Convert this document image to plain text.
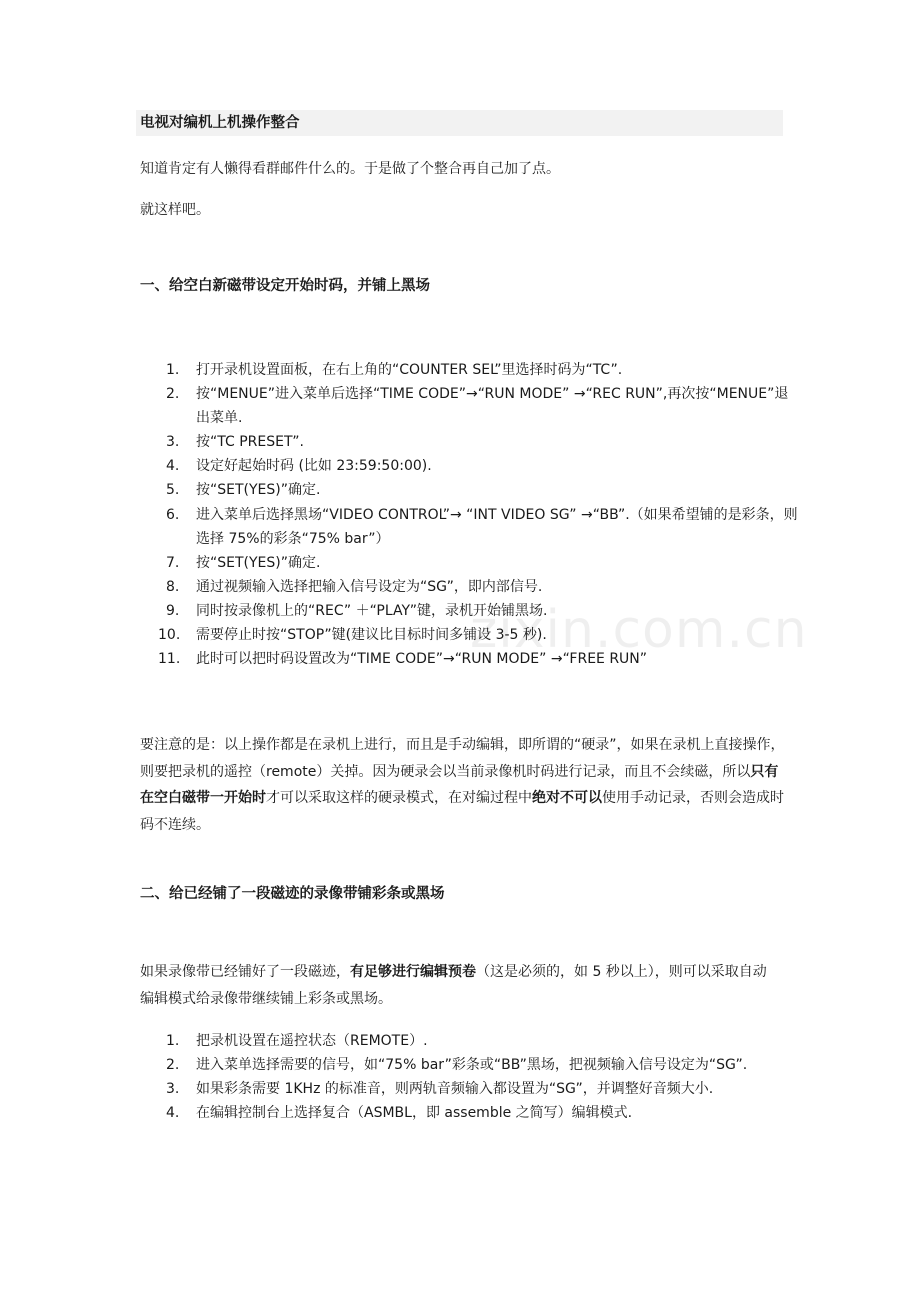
电视对编机上机操作整合
知道肯定有人懒得看群邮件什么的。于是做了个整合再自己加了点。
就这样吧。
一、给空白新磁带设定开始时码，并铺上黑场
1. 打开录机设置面板，在右上角的“COUNTER SEL”里选择时码为“TC”.
2. 按“MENUE”进入菜单后选择“TIME CODE”→“RUN MODE” →“REC RUN”,再次按“MENUE”退出菜单.
3. 按“TC PRESET”.
4. 设定好起始时码 (比如 23:59:50:00).
5. 按“SET(YES)”确定.
6. 进入菜单后选择黑场“VIDEO CONTROL”→ “INT VIDEO SG” →“BB”.（如果希望铺的是彩条，则选择 75%的彩条“75% bar”）
7. 按“SET(YES)”确定.
8. 通过视频输入选择把输入信号设定为“SG”，即内部信号.
9. 同时按录像机上的“REC” ＋“PLAY”键，录机开始铺黑场.
10. 需要停止时按“STOP”键(建议比目标时间多铺设 3-5 秒).
11. 此时可以把时码设置改为“TIME CODE”→“RUN MODE” →“FREE RUN”
要注意的是：以上操作都是在录机上进行，而且是手动编辑，即所谓的“硬录”，如果在录机上直接操作，则要把录机的遥控（remote）关掉。因为硬录会以当前录像机时码进行记录，而且不会续磁，所以只有在空白磁带一开始时才可以采取这样的硬录模式，在对编过程中绝对不可以使用手动记录，否则会造成时码不连续。
二、给已经铺了一段磁迹的录像带铺彩条或黑场
如果录像带已经铺好了一段磁迹，有足够进行编辑预卷（这是必须的，如 5 秒以上），则可以采取自动编辑模式给录像带继续铺上彩条或黑场。
1. 把录机设置在遥控状态（REMOTE）.
2. 进入菜单选择需要的信号，如“75% bar”彩条或“BB”黑场，把视频输入信号设定为“SG”.
3. 如果彩条需要 1KHz 的标准音，则两轨音频输入都设置为“SG”，并调整好音频大小.
4. 在编辑控制台上选择复合（ASMBL，即 assemble 之简写）编辑模式.
zixin.com.cn
